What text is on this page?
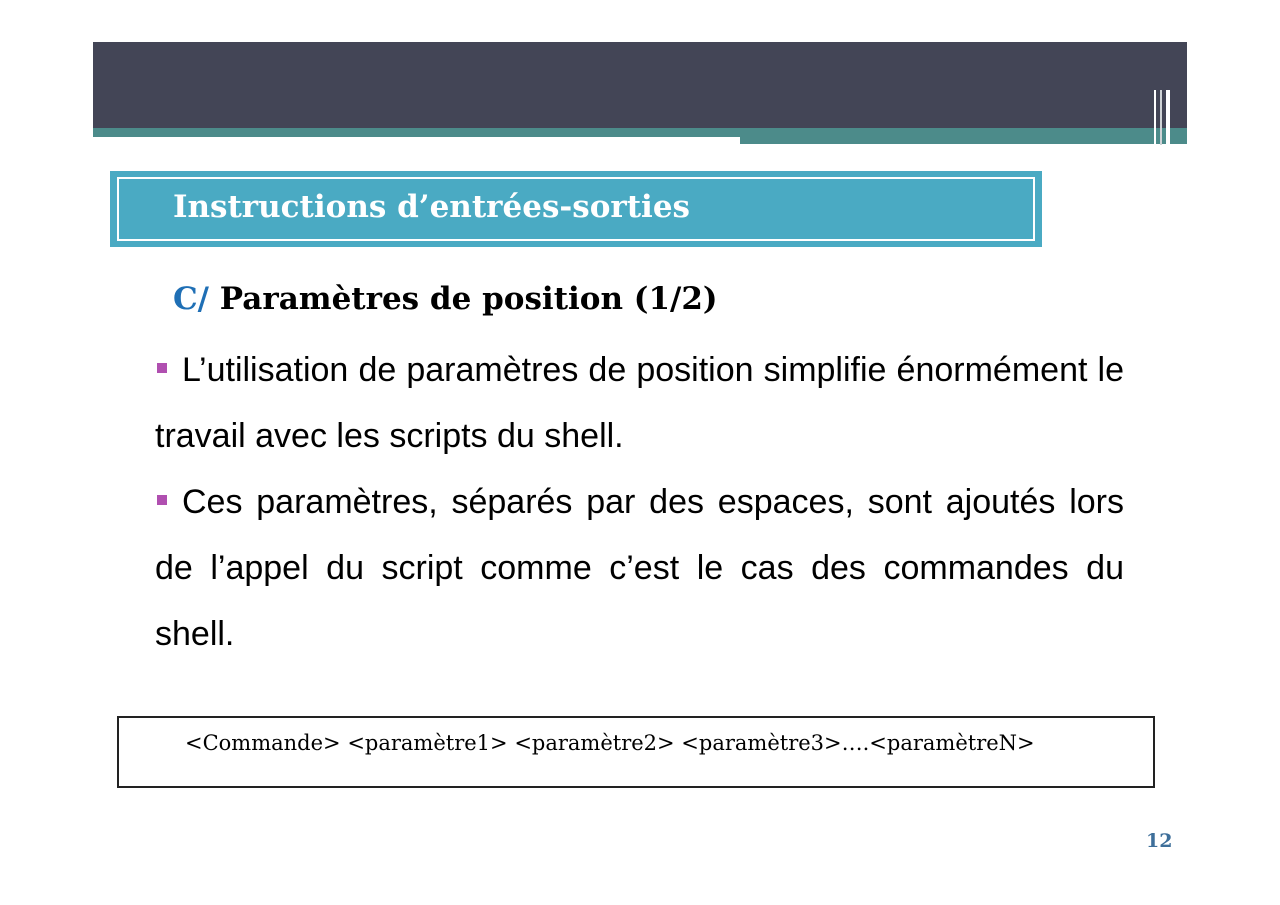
Instructions d’entrées-sorties
C/ Paramètres de position (1/2)
L’utilisation de paramètres de position simplifie énormément le travail avec les scripts du shell.
Ces paramètres, séparés par des espaces, sont ajoutés lors de l’appel du script comme c’est le cas des commandes du shell.
<Commande> <paramètre1> <paramètre2> <paramètre3>….<paramètreN>
12
